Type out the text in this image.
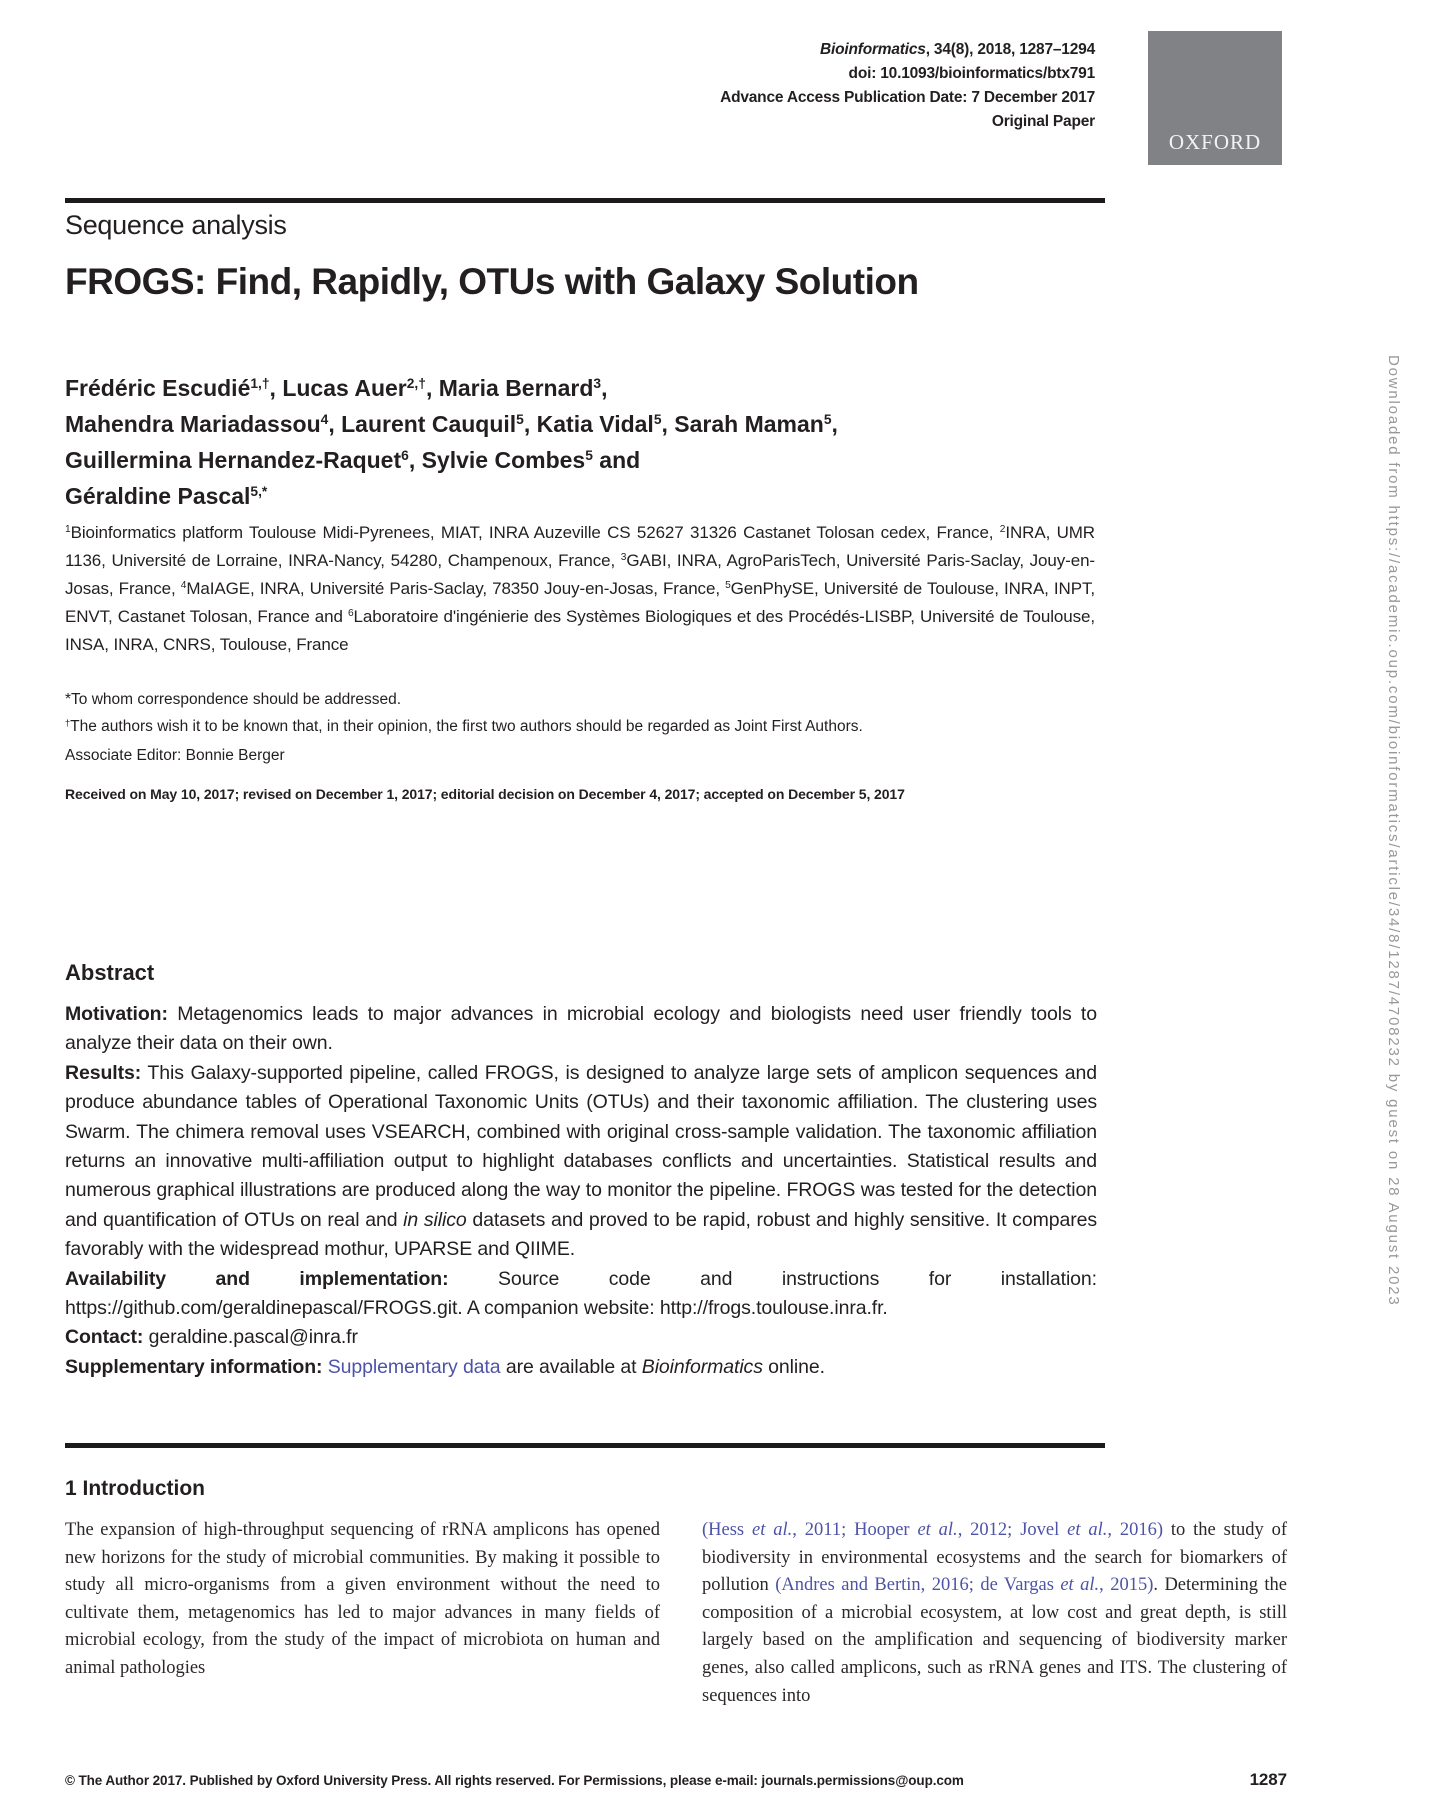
Bioinformatics, 34(8), 2018, 1287–1294
doi: 10.1093/bioinformatics/btx791
Advance Access Publication Date: 7 December 2017
Original Paper
OXFORD
Sequence analysis
FROGS: Find, Rapidly, OTUs with Galaxy Solution
Frédéric Escudié$^{1,\dagger}$, Lucas Auer$^{2,\dagger}$, Maria Bernard$^3$,
Mahendra Mariadassou$^4$, Laurent Cauquil$^5$, Katia Vidal$^5$, Sarah Maman$^5$,
Guillermina Hernandez-Raquet$^6$, Sylvie Combes$^5$ and
Géraldine Pascal$^{5,*}$
$^1$Bioinformatics platform Toulouse Midi-Pyrenees, MIAT, INRA Auzeville CS 52627 31326 Castanet Tolosan cedex, France, $^2$INRA, UMR 1136, Université de Lorraine, INRA-Nancy, 54280, Champenoux, France, $^3$GABI, INRA, AgroParisTech, Université Paris-Saclay, Jouy-en-Josas, France, $^4$MaIAGE, INRA, Université Paris-Saclay, 78350 Jouy-en-Josas, France, $^5$GenPhySE, Université de Toulouse, INRA, INPT, ENVT, Castanet Tolosan, France and $^6$Laboratoire d'ingénierie des Systèmes Biologiques et des Procédés-LISBP, Université de Toulouse, INSA, INRA, CNRS, Toulouse, France
*To whom correspondence should be addressed.
†The authors wish it to be known that, in their opinion, the first two authors should be regarded as Joint First Authors.
Associate Editor: Bonnie Berger
Received on May 10, 2017; revised on December 1, 2017; editorial decision on December 4, 2017; accepted on December 5, 2017
Abstract

Motivation: Metagenomics leads to major advances in microbial ecology and biologists need user friendly tools to analyze their data on their own.

Results: This Galaxy-supported pipeline, called FROGS, is designed to analyze large sets of amplicon sequences and produce abundance tables of Operational Taxonomic Units (OTUs) and their taxonomic affiliation. The clustering uses Swarm. The chimera removal uses VSEARCH, combined with original cross-sample validation. The taxonomic affiliation returns an innovative multi-affiliation output to highlight databases conflicts and uncertainties. Statistical results and numerous graphical illustrations are produced along the way to monitor the pipeline. FROGS was tested for the detection and quantification of OTUs on real and in silico datasets and proved to be rapid, robust and highly sensitive. It compares favorably with the widespread mothur, UPARSE and QIIME.

Availability and implementation: Source code and instructions for installation: https://github.com/geraldinepascal/FROGS.git. A companion website: http://frogs.toulouse.inra.fr.

Contact: geraldine.pascal@inra.fr

Supplementary information: Supplementary data are available at Bioinformatics online.

1 Introduction
The expansion of high-throughput sequencing of rRNA amplicons has opened new horizons for the study of microbial communities. By making it possible to study all micro-organisms from a given environment without the need to cultivate them, metagenomics has led to major advances in many fields of microbial ecology, from the study of the impact of microbiota on human and animal pathologies
(Hess et al., 2011; Hooper et al., 2012; Jovel et al., 2016) to the study of biodiversity in environmental ecosystems and the search for biomarkers of pollution (Andres and Bertin, 2016; de Vargas et al., 2015). Determining the composition of a microbial ecosystem, at low cost and great depth, is still largely based on the amplification and sequencing of biodiversity marker genes, also called amplicons, such as rRNA genes and ITS. The clustering of sequences into
© The Author 2017. Published by Oxford University Press. All rights reserved. For Permissions, please e-mail: journals.permissions@oup.com	1287
Downloaded from https://academic.oup.com/bioinformatics/article/34/8/1287/4708232 by guest on 28 August 2023
